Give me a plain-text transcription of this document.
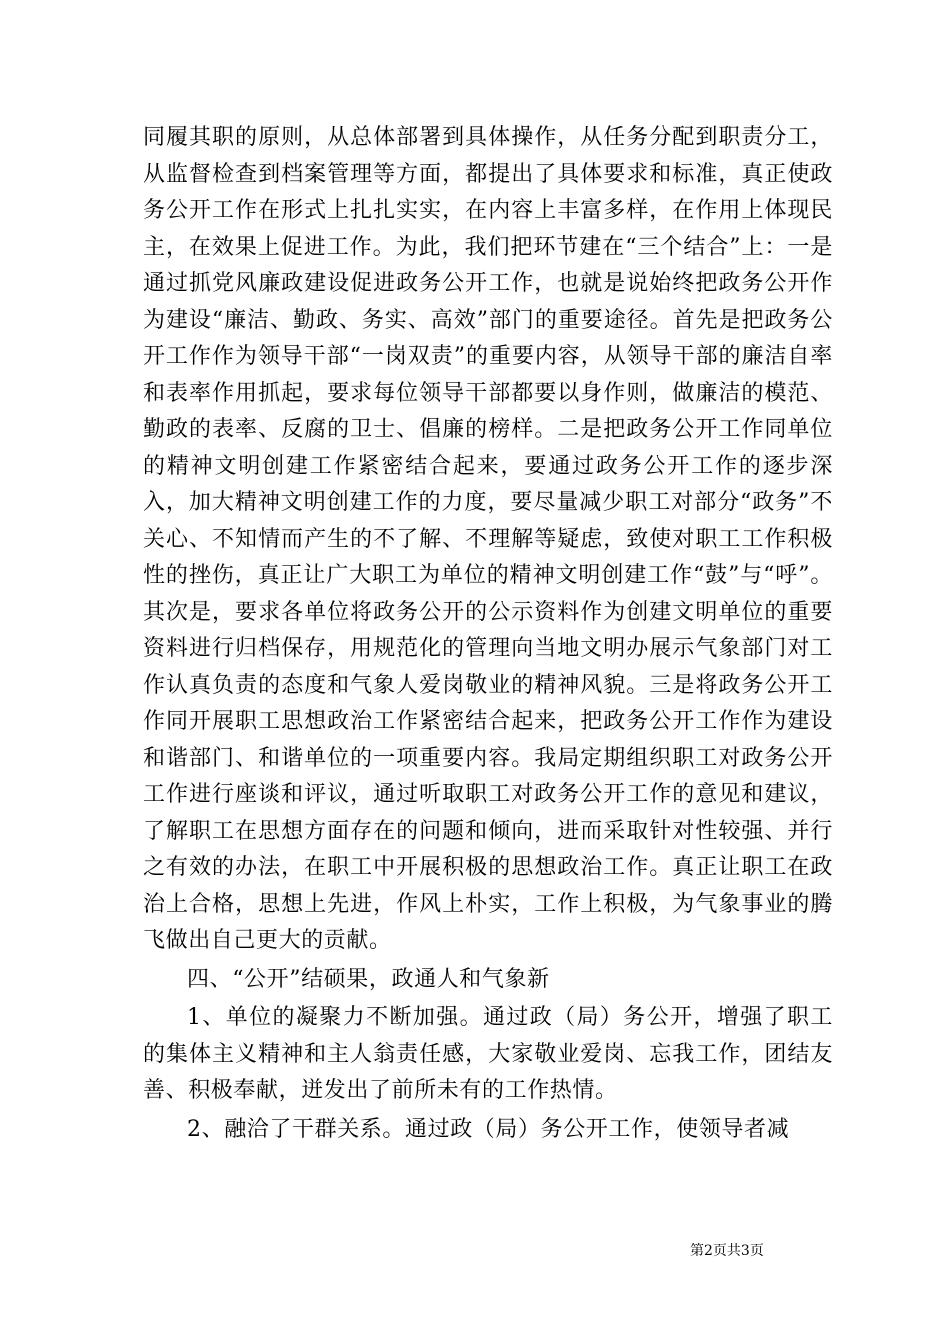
同履其职的原则，从总体部署到具体操作，从任务分配到职责分工，从监督检查到档案管理等方面，都提出了具体要求和标准，真正使政务公开工作在形式上扎扎实实，在内容上丰富多样，在作用上体现民主，在效果上促进工作。为此，我们把环节建在“三个结合”上：一是通过抓党风廉政建设促进政务公开工作，也就是说始终把政务公开作为建设“廉洁、勤政、务实、高效”部门的重要途径。首先是把政务公开工作作为领导干部“一岗双责”的重要内容，从领导干部的廉洁自率和表率作用抓起，要求每位领导干部都要以身作则，做廉洁的模范、勤政的表率、反腐的卫士、倡廉的榜样。二是把政务公开工作同单位的精神文明创建工作紧密结合起来，要通过政务公开工作的逐步深入，加大精神文明创建工作的力度，要尽量减少职工对部分“政务”不关心、不知情而产生的不了解、不理解等疑虑，致使对职工工作积极性的挫伤，真正让广大职工为单位的精神文明创建工作“鼓”与“呼”。其次是，要求各单位将政务公开的公示资料作为创建文明单位的重要资料进行归档保存，用规范化的管理向当地文明办展示气象部门对工作认真负责的态度和气象人爱岗敬业的精神风貌。三是将政务公开工作同开展职工思想政治工作紧密结合起来，把政务公开工作作为建设和谐部门、和谐单位的一项重要内容。我局定期组织职工对政务公开工作进行座谈和评议，通过听取职工对政务公开工作的意见和建议，了解职工在思想方面存在的问题和倾向，进而采取针对性较强、并行之有效的办法，在职工中开展积极的思想政治工作。真正让职工在政治上合格，思想上先进，作风上朴实，工作上积极，为气象事业的腾飞做出自己更大的贡献。

四、“公开”结硕果，政通人和气象新

1、单位的凝聚力不断加强。通过政（局）务公开，增强了职工的集体主义精神和主人翁责任感，大家敬业爱岗、忘我工作，团结友善、积极奉献，迸发出了前所未有的工作热情。

2、融洽了干群关系。通过政（局）务公开工作，使领导者减

第2页共3页
